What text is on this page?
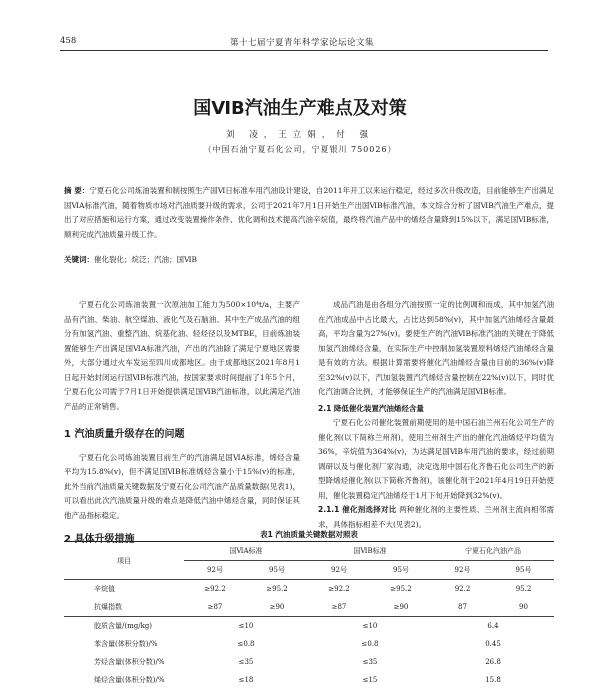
458	第十七届宁夏青年科学家论坛论文集
国ⅥB汽油生产难点及对策
刘 凌，王立娟，付 强
（中国石油宁夏石化公司，宁夏银川 750026）
摘 要：宁夏石化公司炼油装置和制按照生产国Ⅵ日标准车用汽油设计建设，自2011年开工以来运行稳定，经过多次升级改造，目前能够生产出满足国ⅥA标准汽油，随着物质市场对汽油质要升级的需求，公司于2021年7月1日开始生产出国ⅥB标准汽油，本文综合分析了国ⅥB汽油生产难点，提出了对应措施和运行方案，通过改变装置操作条件、优化调和技术提高汽油辛烷值，最终将汽油产品中的烯烃含量降到15%以下，满足国ⅥB标准，顺利完成汽油质量升级工作。
关键词：催化裂化；烷泛；汽油；国ⅥB

宁夏石化公司炼油装置一次原油加工能力为500×10⁴t/a，主要产品有汽油、柴油、航空煤油、液化气及石脑油、其中生产成品汽油的组分有加氢汽油、重整汽油、烷基化油、轻烃径以及MTBE，目前炼油装置能够生产出满足国ⅥA标准汽油，产出的汽油除了满足宁夏地区需要外，大部分通过火车发运至四川成都地区。由于成都地区2021年8月1日起开始封闭运行国ⅥB标准汽油，按国家要求时间提前了1年5个月，宁夏石化公司需于7月1日开始提供满足国ⅥB汽油标准，以此满足汽油产品的正常销售。

1 汽油质量升级存在的问题

宁夏石化公司炼油装置目前生产的汽油满足国ⅥA标准，烯烃含量平均为15.8%(v)，但不满足国ⅥB标准烯烃含量小于15%(v)的标准，此外当前汽油质量关键数据及宁夏石化公司汽油产品质量数据(见表1)，可以看出此次汽油质量升级的难点是降低汽油中烯烃含量，同时保证其他产品指标稳定。

2 具体升级措施

成品汽油是由各组分汽油按照一定的比例调和而成，其中加氢汽油在汽油成品中占比最大，占比达到58%(v)，其中加氢汽油烯烃含量最高，平均含量为27%(v)。要使生产的汽油ⅥB标准汽油的关键在于降低加氢汽油烯烃含量，在实际生产中控制加氢装置原料烯烃汽油烯烃含量是有效的方法。根据计算需要将催化汽油烯烃含量由目前的36%(v)降至32%(v)以下，汽加氢装置汽汽烯烃含量控制在22%(v)以下，同时优化汽油调合比例，才能够保证生产的汽油满足国ⅥB标准。

2.1 降低催化装置汽油烯烃含量

宁夏石化公司催化装置前期使用的是中国石油兰州石化公司生产的催化剂(以下简称兰州剂)，使用兰州剂生产出的催化汽油烯烃平均值为36%，辛烷值为364%(v)，为达满足国ⅥB车用汽油的要求，经过前期调研以及与催化剂厂家沟通，决定选用中国石化齐鲁石化公司生产的新型降烯烃催化剂(以下简称齐鲁剂)，该催化剂于2021年4月19日开始使用，催化装置稳定汽油烯烃于1月下旬开始降到32%(v)。

2.1.1 催化剂选择对比 两种催化剂的主要性质、兰州剂主流向相邻需求，具体指标相差不大(见表2)。
表1 汽油质量关键数据对照表
项目	国ⅥA标准		国ⅥB标准		宁夏石化汽油产品	
	92号	95号	92号	95号	92号	95号
辛烷值	≥92.2	≥95.2	≥92.2	≥95.2	92.2	95.2
抗爆指数	≥87	≥90	≥87	≥90	87	90
胶质含量/(mg/kg)	≤10		≤10		6.4	
苯含量(体积分数)/%	≤0.8		≤0.8		0.45	
芳烃含量(体积分数)/%	≤35		≤35		26.8	
烯烃含量(体积分数)/%	≤18		≤15		15.8	
